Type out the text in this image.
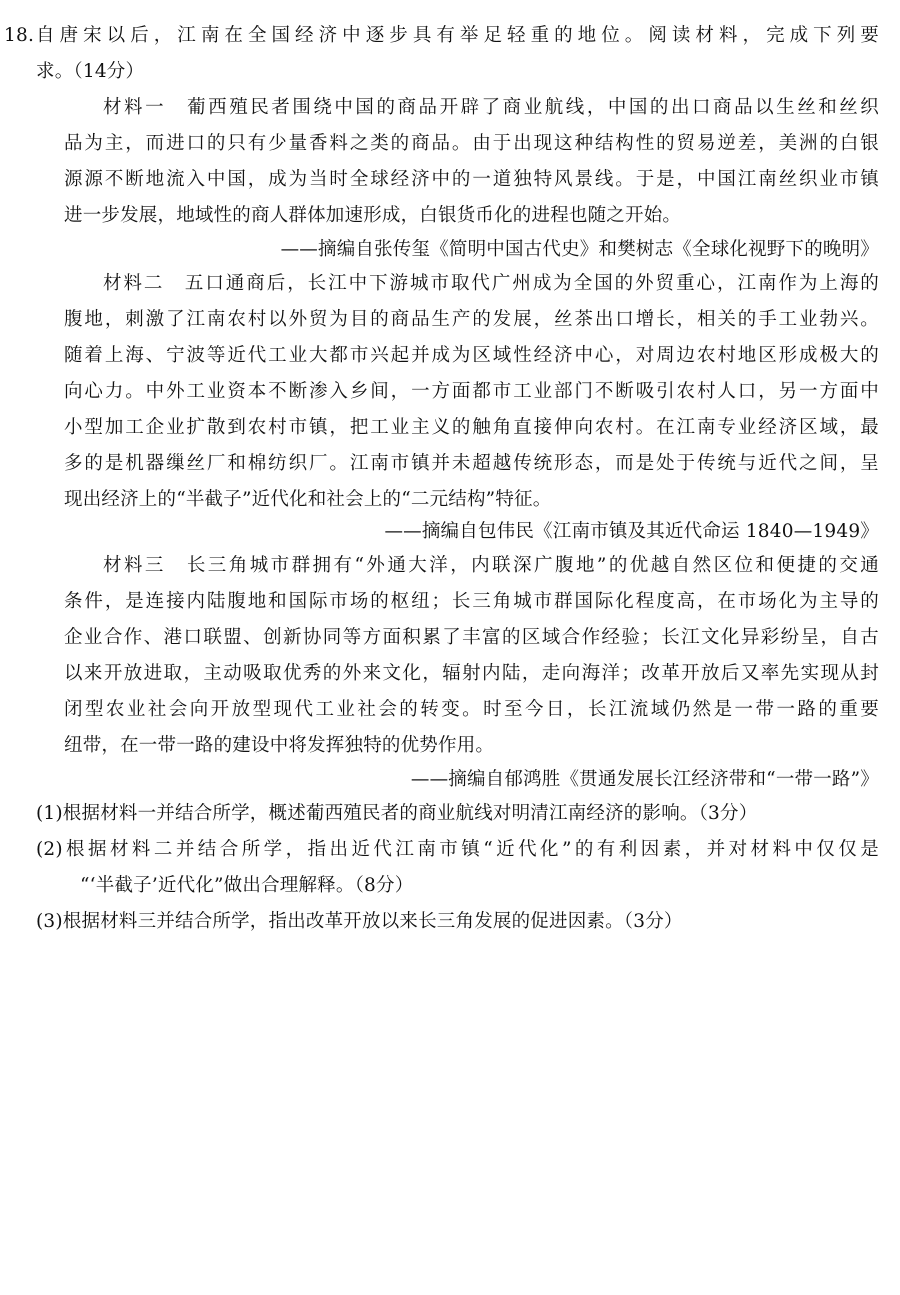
18. 自唐宋以后，江南在全国经济中逐步具有举足轻重的地位。阅读材料，完成下列要
求。（14分）
材料一　葡西殖民者围绕中国的商品开辟了商业航线，中国的出口商品以生丝和丝织
品为主，而进口的只有少量香料之类的商品。由于出现这种结构性的贸易逆差，美洲的白银
源源不断地流入中国，成为当时全球经济中的一道独特风景线。于是，中国江南丝织业市镇
进一步发展，地域性的商人群体加速形成，白银货币化的进程也随之开始。
——摘编自张传玺《简明中国古代史》和樊树志《全球化视野下的晚明》
材料二　五口通商后，长江中下游城市取代广州成为全国的外贸重心，江南作为上海的
腹地，刺激了江南农村以外贸为目的商品生产的发展，丝茶出口增长，相关的手工业勃兴。
随着上海、宁波等近代工业大都市兴起并成为区域性经济中心，对周边农村地区形成极大的
向心力。中外工业资本不断渗入乡间，一方面都市工业部门不断吸引农村人口，另一方面中
小型加工企业扩散到农村市镇，把工业主义的触角直接伸向农村。在江南专业经济区域，最
多的是机器缫丝厂和棉纺织厂。江南市镇并未超越传统形态，而是处于传统与近代之间，呈
现出经济上的“半截子”近代化和社会上的“二元结构”特征。
——摘编自包伟民《江南市镇及其近代命运 1840—1949》
材料三　长三角城市群拥有“外通大洋，内联深广腹地”的优越自然区位和便捷的交通
条件，是连接内陆腹地和国际市场的枢纽；长三角城市群国际化程度高，在市场化为主导的
企业合作、港口联盟、创新协同等方面积累了丰富的区域合作经验；长江文化异彩纷呈，自古
以来开放进取，主动吸取优秀的外来文化，辐射内陆，走向海洋；改革开放后又率先实现从封
闭型农业社会向开放型现代工业社会的转变。时至今日，长江流域仍然是一带一路的重要
纽带，在一带一路的建设中将发挥独特的优势作用。
——摘编自郁鸿胜《贯通发展长江经济带和“一带一路”》
(1)根据材料一并结合所学，概述葡西殖民者的商业航线对明清江南经济的影响。（3分）
(2)根据材料二并结合所学，指出近代江南市镇“近代化”的有利因素，并对材料中仅仅是
“‘半截子’近代化”做出合理解释。（8分）
(3)根据材料三并结合所学，指出改革开放以来长三角发展的促进因素。（3分）
